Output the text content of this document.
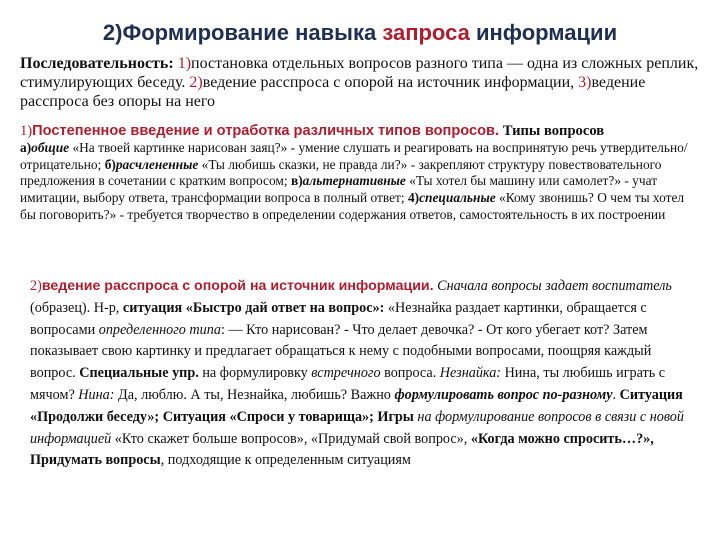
2)Формирование навыка запроса информации
Последовательность: 1)постановка отдельных вопросов разного типа — одна из сложных реплик, стимулирующих беседу. 2)ведение расспроса с опорой на источник информации, 3)ведение расспроса без опоры на него
1)Постепенное введение и отработка различных типов вопросов. Типы вопросов
а)общие «На твоей картинке нарисован заяц?» - умение слушать и реагировать на воспринятую речь утвердительно/отрицательно; б)расчлененные «Ты любишь сказки, не правда ли?» - закрепляют структуру повествовательного предложения в сочетании с кратким вопросом; в)альтернативные «Ты хотел бы машину или самолет?» - учат имитации, выбору ответа, трансформации вопроса в полный ответ; 4)специальные «Кому звонишь? О чем ты хотел бы поговорить?» - требуется творчество в определении содержания ответов, самостоятельность в их построении
2)ведение расспроса с опорой на источник информации. Сначала вопросы задает воспитатель (образец). Н-р, ситуация «Быстро дай ответ на вопрос»: «Незнайка раздает картинки, обращается с вопросами определенного типа: — Кто нарисован? - Что делает девочка? - От кого убегает кот? Затем показывает свою картинку и предлагает обращаться к нему с подобными вопросами, поощряя каждый вопрос. Специальные упр. на формулировку встречного вопроса. Незнайка: Нина, ты любишь играть с мячом? Нина: Да, люблю. А ты, Незнайка, любишь? Важно формулировать вопрос по-разному. Ситуация «Продолжи беседу»; Ситуация «Спроси у товарища»; Игры на формулирование вопросов в связи с новой информацией «Кто скажет больше вопросов», «Придумай свой вопрос», «Когда можно спросить…?», Придумать вопросы, подходящие к определенным ситуациям
